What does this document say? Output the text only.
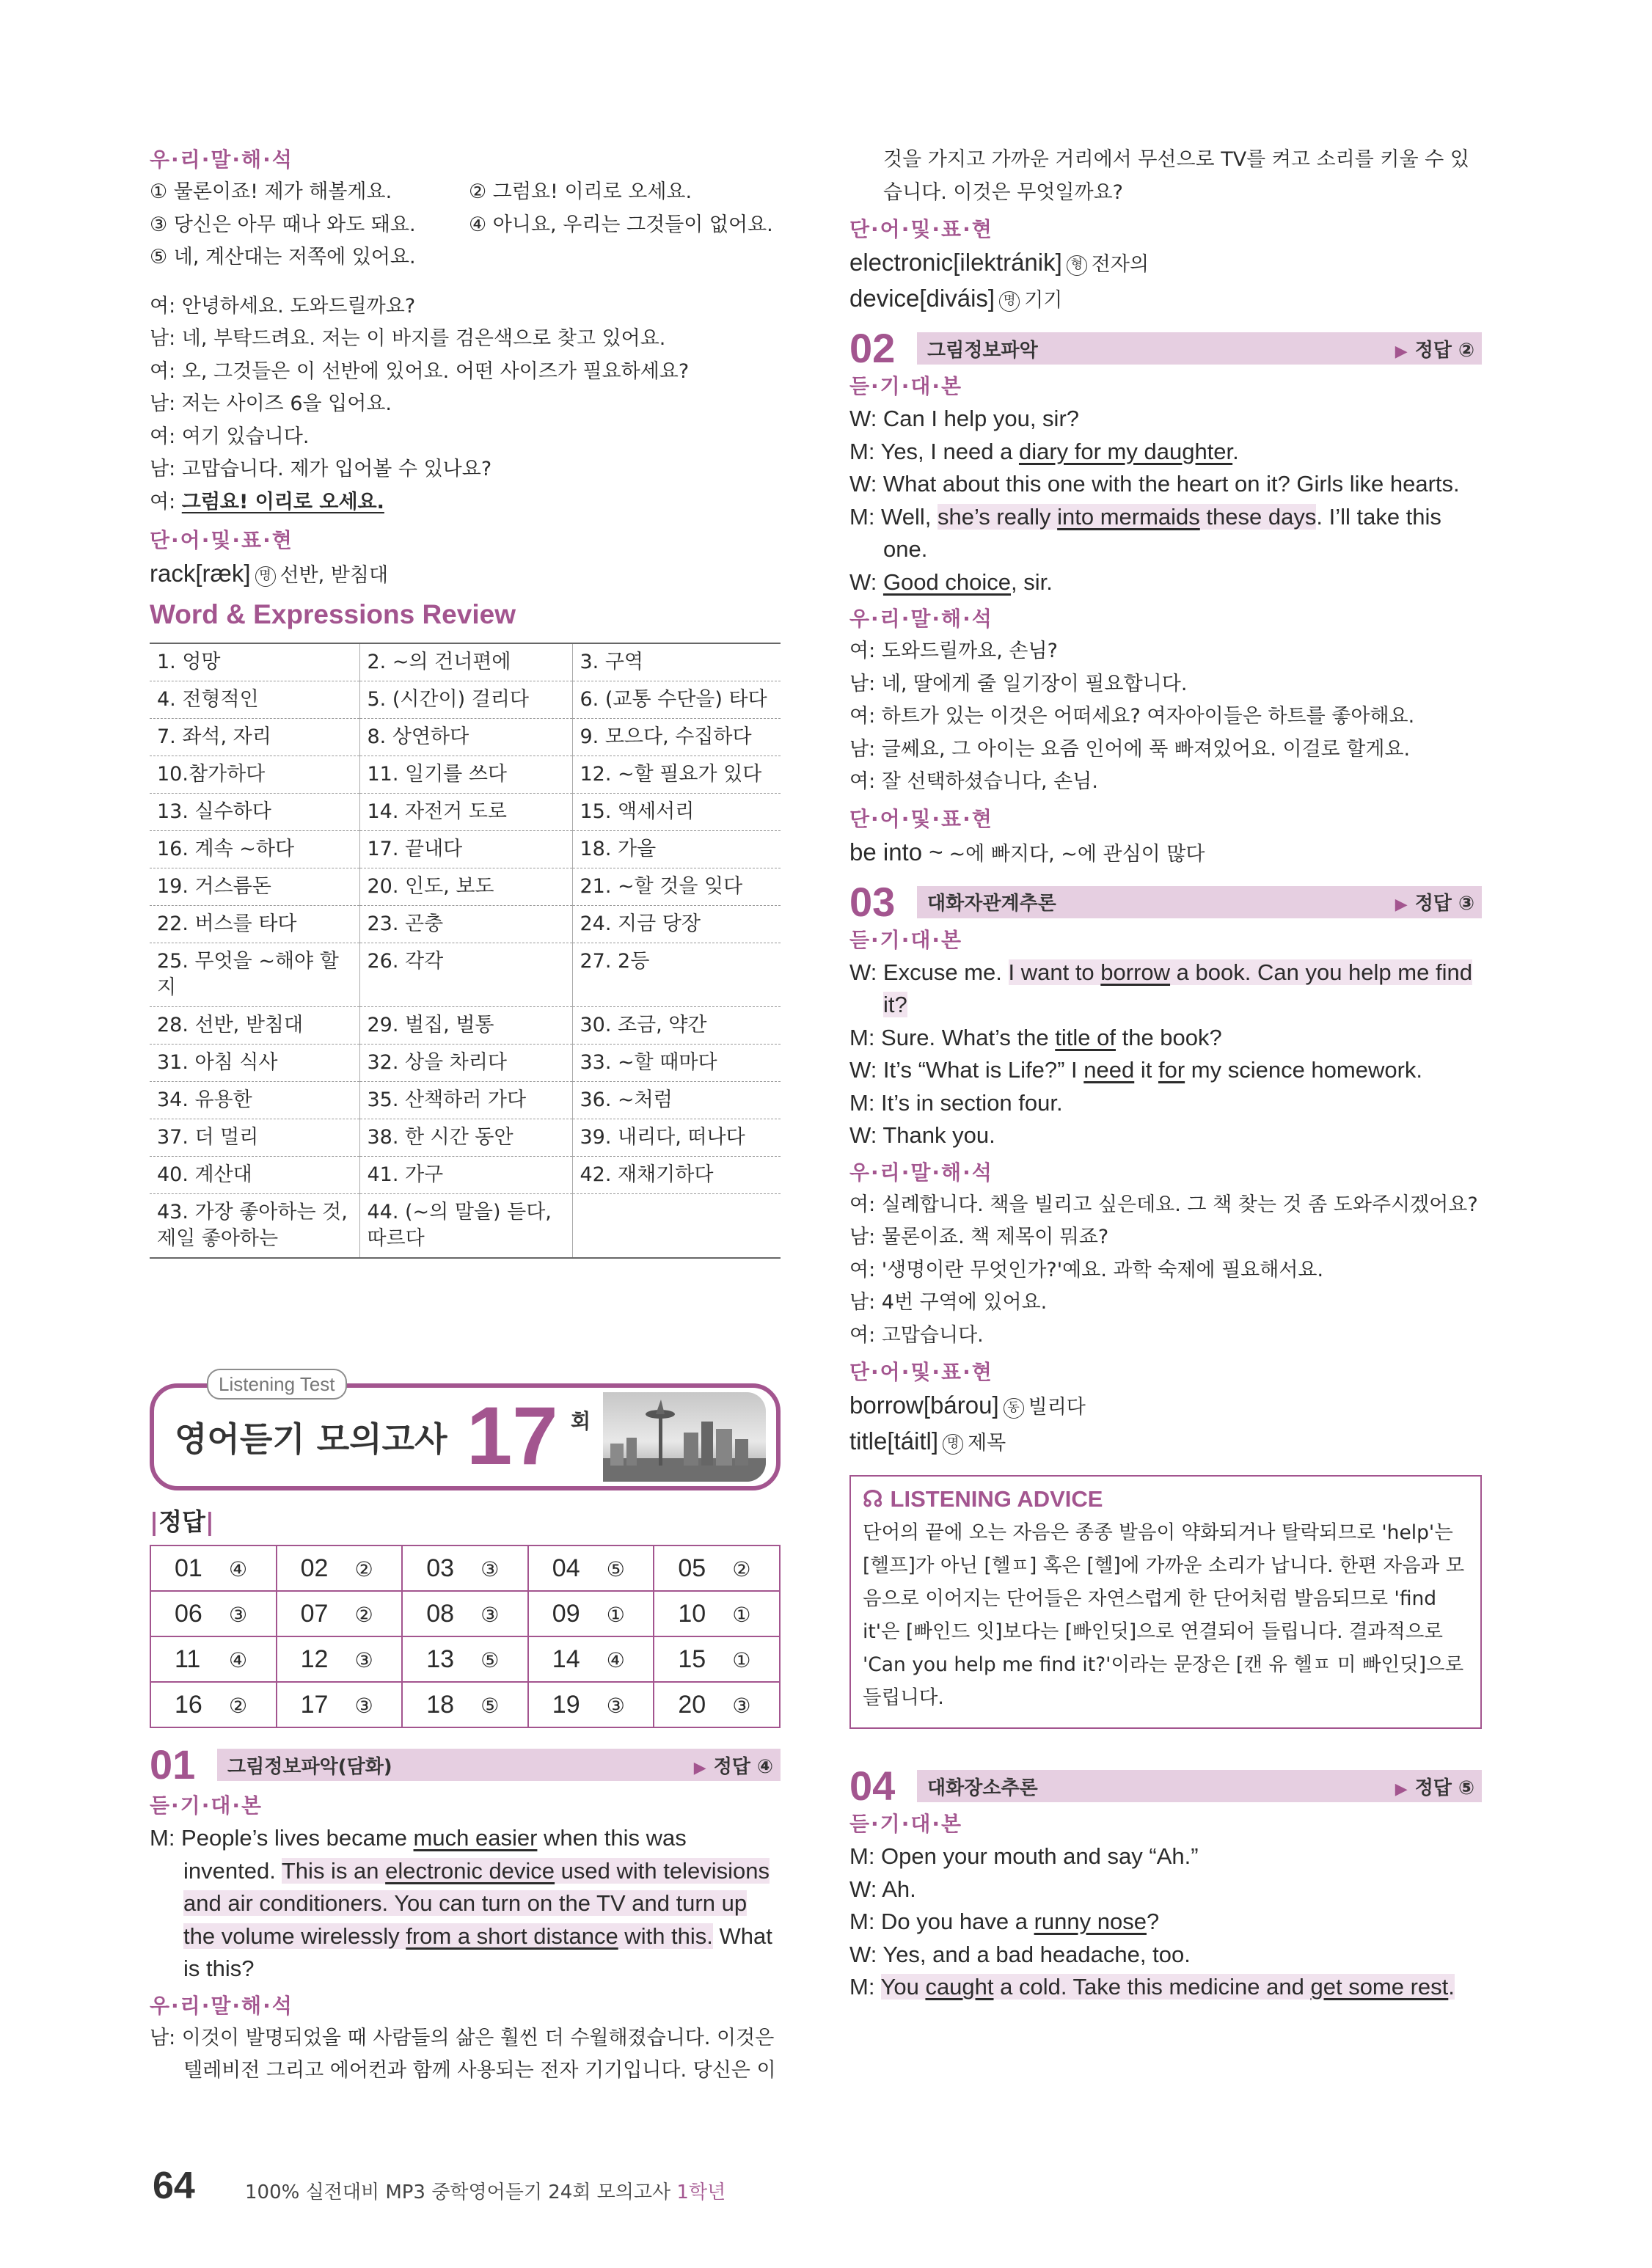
우·리·말·해·석
① 물론이죠! 제가 해볼게요.	② 그럼요! 이리로 오세요.
③ 당신은 아무 때나 와도 돼요.	④ 아니요, 우리는 그것들이 없어요.
⑤ 네, 계산대는 저쪽에 있어요.
여: 안녕하세요. 도와드릴까요?
남: 네, 부탁드려요. 저는 이 바지를 검은색으로 찾고 있어요.
여: 오, 그것들은 이 선반에 있어요. 어떤 사이즈가 필요하세요?
남: 저는 사이즈 6을 입어요.
여: 여기 있습니다.
남: 고맙습니다. 제가 입어볼 수 있나요?
여: 그럼요! 이리로 오세요.
단·어·및·표·현
rack[ræk] 명 선반, 받침대
Word & Expressions Review
1. 엉망	2. ~의 건너편에	3. 구역
4. 전형적인	5. (시간이) 걸리다	6. (교통 수단을) 타다
7. 좌석, 자리	8. 상연하다	9. 모으다, 수집하다
10.참가하다	11. 일기를 쓰다	12. ~할 필요가 있다
13. 실수하다	14. 자전거 도로	15. 액세서리
16. 계속 ~하다	17. 끝내다	18. 가을
19. 거스름돈	20. 인도, 보도	21. ~할 것을 잊다
22. 버스를 타다	23. 곤충	24. 지금 당장
25. 무엇을 ~해야 할지	26. 각각	27. 2등
28. 선반, 받침대	29. 벌집, 벌통	30. 조금, 약간
31. 아침 식사	32. 상을 차리다	33. ~할 때마다
34. 유용한	35. 산책하러 가다	36. ~처럼
37. 더 멀리	38. 한 시간 동안	39. 내리다, 떠나다
40. 계산대	41. 가구	42. 재채기하다
43. 가장 좋아하는 것, 제일 좋아하는	44. (~의 말을) 듣다, 따르다	
Listening Test
영어듣기 모의고사 17 회
|정답|
01 ④	02 ②	03 ③	04 ⑤	05 ②
06 ③	07 ②	08 ③	09 ①	10 ①
11 ④	12 ③	13 ⑤	14 ④	15 ①
16 ②	17 ③	18 ⑤	19 ③	20 ③
01	그림정보파악(담화)	▶ 정답 ④
듣·기·대·본
M: People’s lives became much easier when this was invented. This is an electronic device used with televisions and air conditioners. You can turn on the TV and turn up the volume wirelessly from a short distance with this. What is this?
우·리·말·해·석
남: 이것이 발명되었을 때 사람들의 삶은 훨씬 더 수월해졌습니다. 이것은 텔레비전 그리고 에어컨과 함께 사용되는 전자 기기입니다. 당신은 이
것을 가지고 가까운 거리에서 무선으로 TV를 켜고 소리를 키울 수 있습니다. 이것은 무엇일까요?
단·어·및·표·현
electronic[ilektránik] 형 전자의
device[diváis] 명 기기
02	그림정보파악	▶ 정답 ②
듣·기·대·본
W: Can I help you, sir?
M: Yes, I need a diary for my daughter.
W: What about this one with the heart on it? Girls like hearts.
M: Well, she’s really into mermaids these days. I’ll take this one.
W: Good choice, sir.
우·리·말·해·석
여: 도와드릴까요, 손님?
남: 네, 딸에게 줄 일기장이 필요합니다.
여: 하트가 있는 이것은 어떠세요? 여자아이들은 하트를 좋아해요.
남: 글쎄요, 그 아이는 요즘 인어에 푹 빠져있어요. 이걸로 할게요.
여: 잘 선택하셨습니다, 손님.
단·어·및·표·현
be into ~ ~에 빠지다, ~에 관심이 많다
03	대화자관계추론	▶ 정답 ③
듣·기·대·본
W: Excuse me. I want to borrow a book. Can you help me find it?
M: Sure. What’s the title of the book?
W: It’s “What is Life?” I need it for my science homework.
M: It’s in section four.
W: Thank you.
우·리·말·해·석
여: 실례합니다. 책을 빌리고 싶은데요. 그 책 찾는 것 좀 도와주시겠어요?
남: 물론이죠. 책 제목이 뭐죠?
여: '생명이란 무엇인가?'예요. 과학 숙제에 필요해서요.
남: 4번 구역에 있어요.
여: 고맙습니다.
단·어·및·표·현
borrow[bárou] 동 빌리다
title[táitl] 명 제목
☊ LISTENING ADVICE
단어의 끝에 오는 자음은 종종 발음이 약화되거나 탈락되므로 'help'는 [헬프]가 아닌 [헬ㅍ] 혹은 [헬]에 가까운 소리가 납니다. 한편 자음과 모음으로 이어지는 단어들은 자연스럽게 한 단어처럼 발음되므로 'find it'은 [빠인드 잇]보다는 [빠인딧]으로 연결되어 들립니다. 결과적으로 'Can you help me find it?'이라는 문장은 [캔 유 헬ㅍ 미 빠인딧]으로 들립니다.
04	대화장소추론	▶ 정답 ⑤
듣·기·대·본
M: Open your mouth and say “Ah.”
W: Ah.
M: Do you have a runny nose?
W: Yes, and a bad headache, too.
M: You caught a cold. Take this medicine and get some rest.
64	100% 실전대비 MP3 중학영어듣기 24회 모의고사 1학년
